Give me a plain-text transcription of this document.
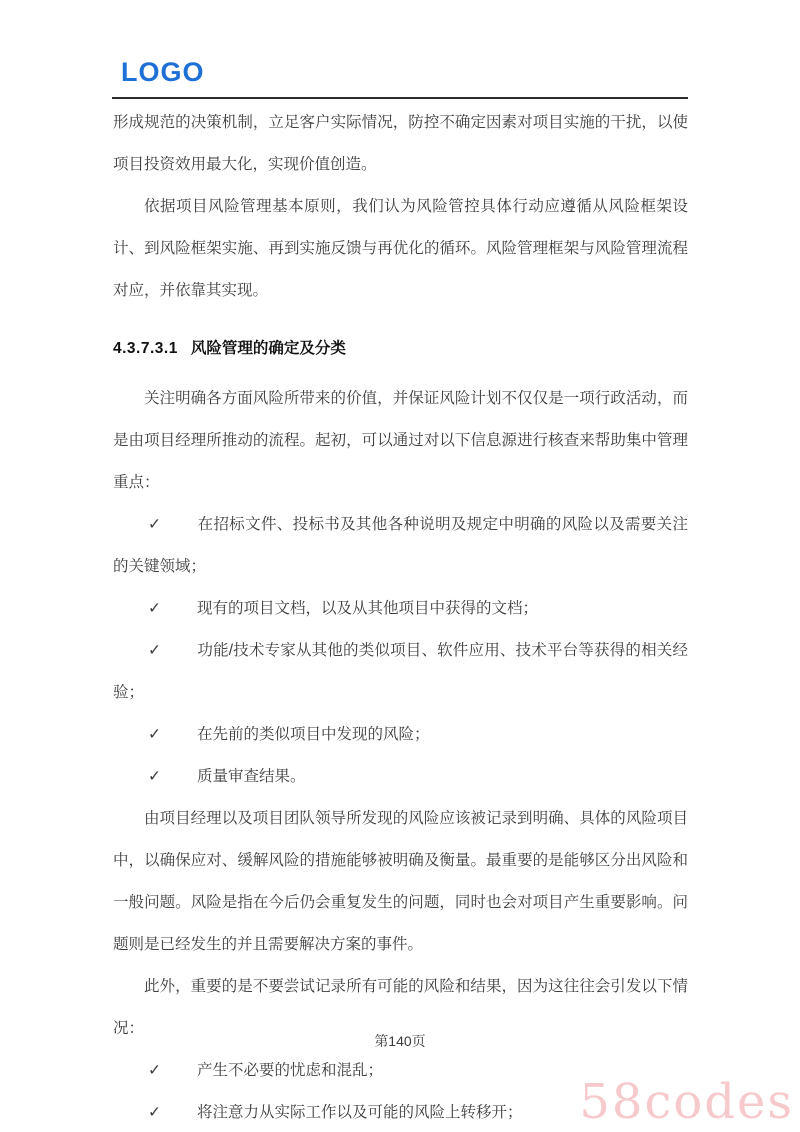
LOGO

形成规范的决策机制，立足客户实际情况，防控不确定因素对项目实施的干扰，以使项目投资效用最大化，实现价值创造。

依据项目风险管理基本原则，我们认为风险管控具体行动应遵循从风险框架设计、到风险框架实施、再到实施反馈与再优化的循环。风险管理框架与风险管理流程对应，并依靠其实现。

4.3.7.3.1 风险管理的确定及分类

关注明确各方面风险所带来的价值，并保证风险计划不仅仅是一项行政活动，而是由项目经理所推动的流程。起初，可以通过对以下信息源进行核查来帮助集中管理重点：

✓ 在招标文件、投标书及其他各种说明及规定中明确的风险以及需要关注的关键领域；
✓ 现有的项目文档，以及从其他项目中获得的文档；
✓ 功能/技术专家从其他的类似项目、软件应用、技术平台等获得的相关经验；
✓ 在先前的类似项目中发现的风险；
✓ 质量审查结果。

由项目经理以及项目团队领导所发现的风险应该被记录到明确、具体的风险项目中，以确保应对、缓解风险的措施能够被明确及衡量。最重要的是能够区分出风险和一般问题。风险是指在今后仍会重复发生的问题，同时也会对项目产生重要影响。问题则是已经发生的并且需要解决方案的事件。

此外，重要的是不要尝试记录所有可能的风险和结果，因为这往往会引发以下情况：

✓ 产生不必要的忧虑和混乱；
✓ 将注意力从实际工作以及可能的风险上转移开；
第140页
58codes
